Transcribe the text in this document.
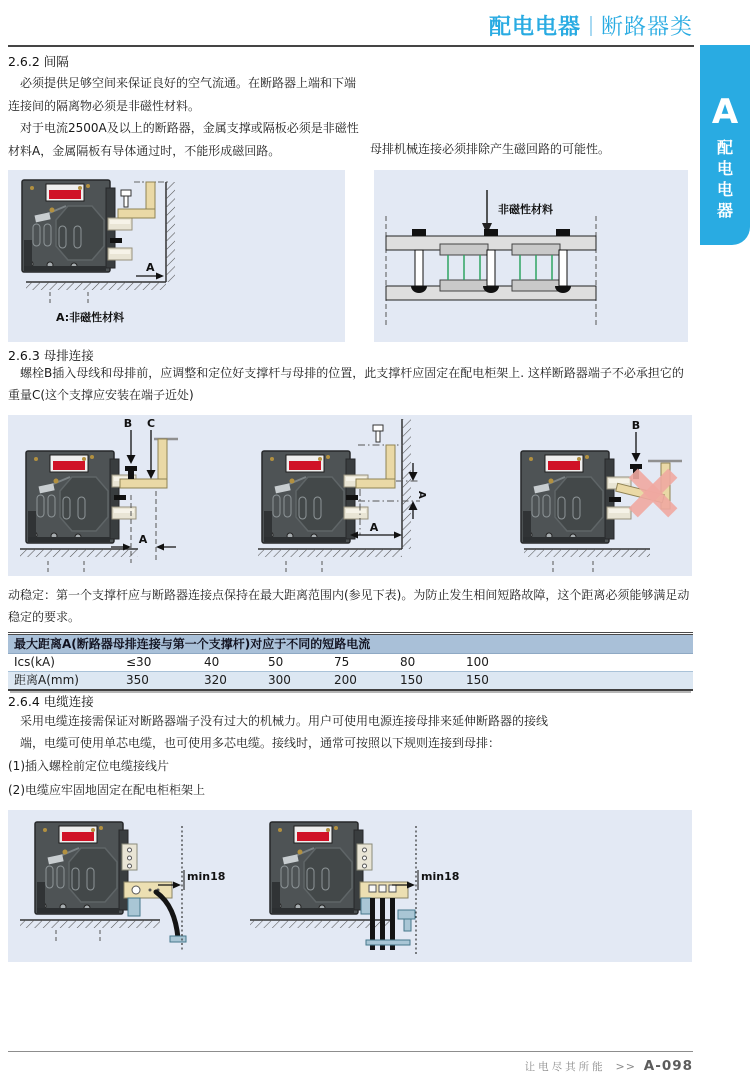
配电电器 断路器类
A
配电电器
2.6.2 间隔

必须提供足够空间来保证良好的空气流通。在断路器上端和下端连接间的隔离物必须是非磁性材料。

对于电流2500A及以上的断路器，金属支撑或隔板必须是非磁性材料A，金属隔板有导体通过时，不能形成磁回路。	母排机械连接必须排除产生磁回路的可能性。
A
A:非磁性材料
非磁性材料
2.6.3 母排连接

螺栓B插入母线和母排前，应调整和定位好支撑杆与母排的位置，此支撑杆应固定在配电柜架上. 这样断路器端子不必承担它的重量C(这个支撑应安装在端子近处)

B C
A
A
A
B

动稳定：第一个支撑杆应与断路器连接点保持在最大距离范围内(参见下表)。为防止发生相间短路故障，这个距离必须能够满足动稳定的要求。

最大距离A(断路器母排连接与第一个支撑杆)对应于不同的短路电流
Ics(kA)	≤30	40	50	75	80	100
距离A(mm)	350	320	300	200	150	150
2.6.4 电缆连接

采用电缆连接需保证对断路器端子没有过大的机械力。用户可使用电源连接母排来延伸断路器的接线端，电缆可使用单芯电缆，也可使用多芯电缆。接线时，通常可按照以下规则连接到母排：

(1)插入螺栓前定位电缆接线片

(2)电缆应牢固地固定在配电柜柜架上

min18	min18
让电尽其所能 >> A-098
